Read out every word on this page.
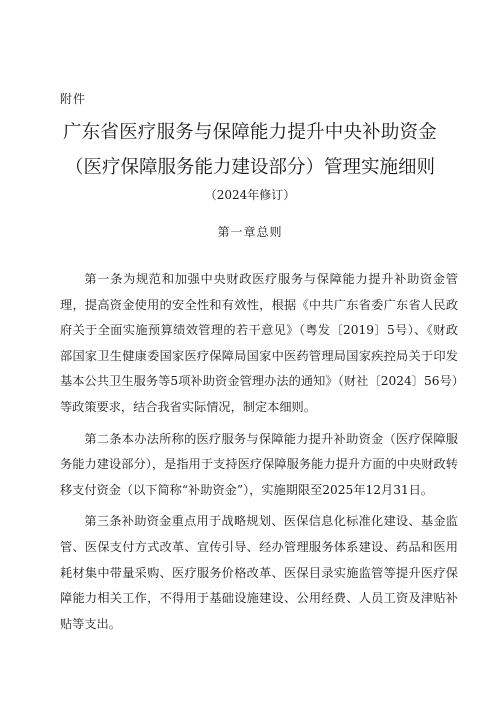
附件
广东省医疗服务与保障能力提升中央补助资金
（医疗保障服务能力建设部分）管理实施细则
（2024年修订）
第一章总则

第一条为规范和加强中央财政医疗服务与保障能力提升补助资金管理，提高资金使用的安全性和有效性，根据《中共广东省委广东省人民政府关于全面实施预算绩效管理的若干意见》（粤发〔2019〕5号）、《财政部国家卫生健康委国家医疗保障局国家中医药管理局国家疾控局关于印发基本公共卫生服务等5项补助资金管理办法的通知》（财社〔2024〕56号）等政策要求，结合我省实际情况，制定本细则。

第二条本办法所称的医疗服务与保障能力提升补助资金（医疗保障服务能力建设部分），是指用于支持医疗保障服务能力提升方面的中央财政转移支付资金（以下简称“补助资金”），实施期限至2025年12月31日。

第三条补助资金重点用于战略规划、医保信息化标准化建设、基金监管、医保支付方式改革、宣传引导、经办管理服务体系建设、药品和医用耗材集中带量采购、医疗服务价格改革、医保目录实施监管等提升医疗保障能力相关工作，不得用于基础设施建设、公用经费、人员工资及津贴补贴等支出。
